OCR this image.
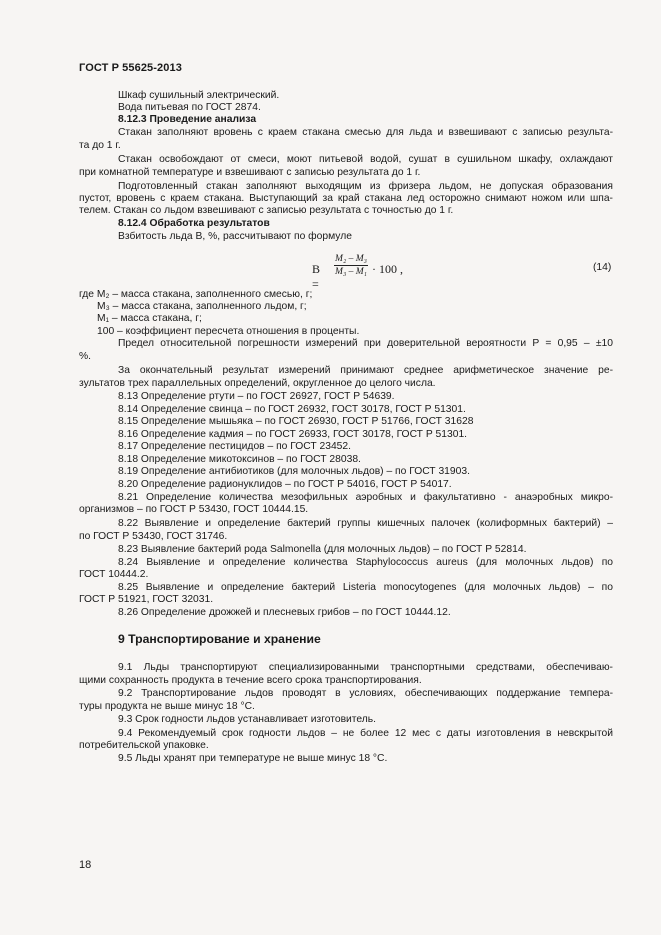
ГОСТ Р 55625-2013
Шкаф сушильный электрический.
Вода питьевая по ГОСТ 2874.
8.12.3 Проведение анализа
Стакан заполняют вровень с краем стакана смесью для льда и взвешивают с записью результа-
та до 1 г.
Стакан освобождают от смеси, моют питьевой водой, сушат в сушильном шкафу, охлаждают
при комнатной температуре и взвешивают с записью результата до 1 г.
Подготовленный стакан заполняют выходящим из фризера льдом, не допуская образования
пустот, вровень с краем стакана. Выступающий за край стакана лед осторожно снимают ножом или шпа-
телем. Стакан со льдом взвешивают с записью результата с точностью до 1 г.
8.12.4 Обработка результатов
Взбитость льда В, %, рассчитывают по формуле
B =
$\frac{\text{M₂ – M₃}}{\text{M₃ – M₁}} \cdot 100$ ,	(14)
где M₂ – масса стакана, заполненного смесью, г;
M₃ – масса стакана, заполненного льдом, г;
M₁ – масса стакана, г;
100 – коэффициент пересчета отношения в проценты.
Предел относительной погрешности измерений при доверительной вероятности P = 0,95 – ±10
%.
За окончательный результат измерений принимают среднее арифметическое значение ре-
зультатов трех параллельных определений, округленное до целого числа.
8.13 Определение ртути – по ГОСТ 26927, ГОСТ Р 54639.
8.14 Определение свинца – по ГОСТ 26932, ГОСТ 30178, ГОСТ Р 51301.
8.15 Определение мышьяка – по ГОСТ 26930, ГОСТ Р 51766, ГОСТ 31628
8.16 Определение кадмия – по ГОСТ 26933, ГОСТ 30178, ГОСТ Р 51301.
8.17 Определение пестицидов – по ГОСТ 23452.
8.18 Определение микотоксинов – по ГОСТ 28038.
8.19 Определение антибиотиков (для молочных льдов) – по ГОСТ 31903.
8.20 Определение радионуклидов – по ГОСТ Р 54016, ГОСТ Р 54017.
8.21 Определение количества мезофильных аэробных и факультативно - анаэробных микро-
организмов – по ГОСТ Р 53430, ГОСТ 10444.15.
8.22 Выявление и определение бактерий группы кишечных палочек (колиформных бактерий) –
по ГОСТ Р 53430, ГОСТ 31746.
8.23 Выявление бактерий рода Salmonella (для молочных льдов) – по ГОСТ Р 52814.
8.24 Выявление и определение количества Staphylococcus aureus (для молочных льдов) по
ГОСТ 10444.2.
8.25 Выявление и определение бактерий Listeria monocytogenes (для молочных льдов) – по
ГОСТ Р 51921, ГОСТ 32031.
8.26 Определение дрожжей и плесневых грибов – по ГОСТ 10444.12.
9 Транспортирование и хранение
9.1 Льды транспортируют специализированными транспортными средствами, обеспечиваю-
щими сохранность продукта в течение всего срока транспортирования.
9.2 Транспортирование льдов проводят в условиях, обеспечивающих поддержание темпера-
туры продукта не выше минус 18 °С.
9.3 Срок годности льдов устанавливает изготовитель.
9.4 Рекомендуемый срок годности льдов – не более 12 мес с даты изготовления в невскрытой
потребительской упаковке.
9.5 Льды хранят при температуре не выше минус 18 °С.
18
